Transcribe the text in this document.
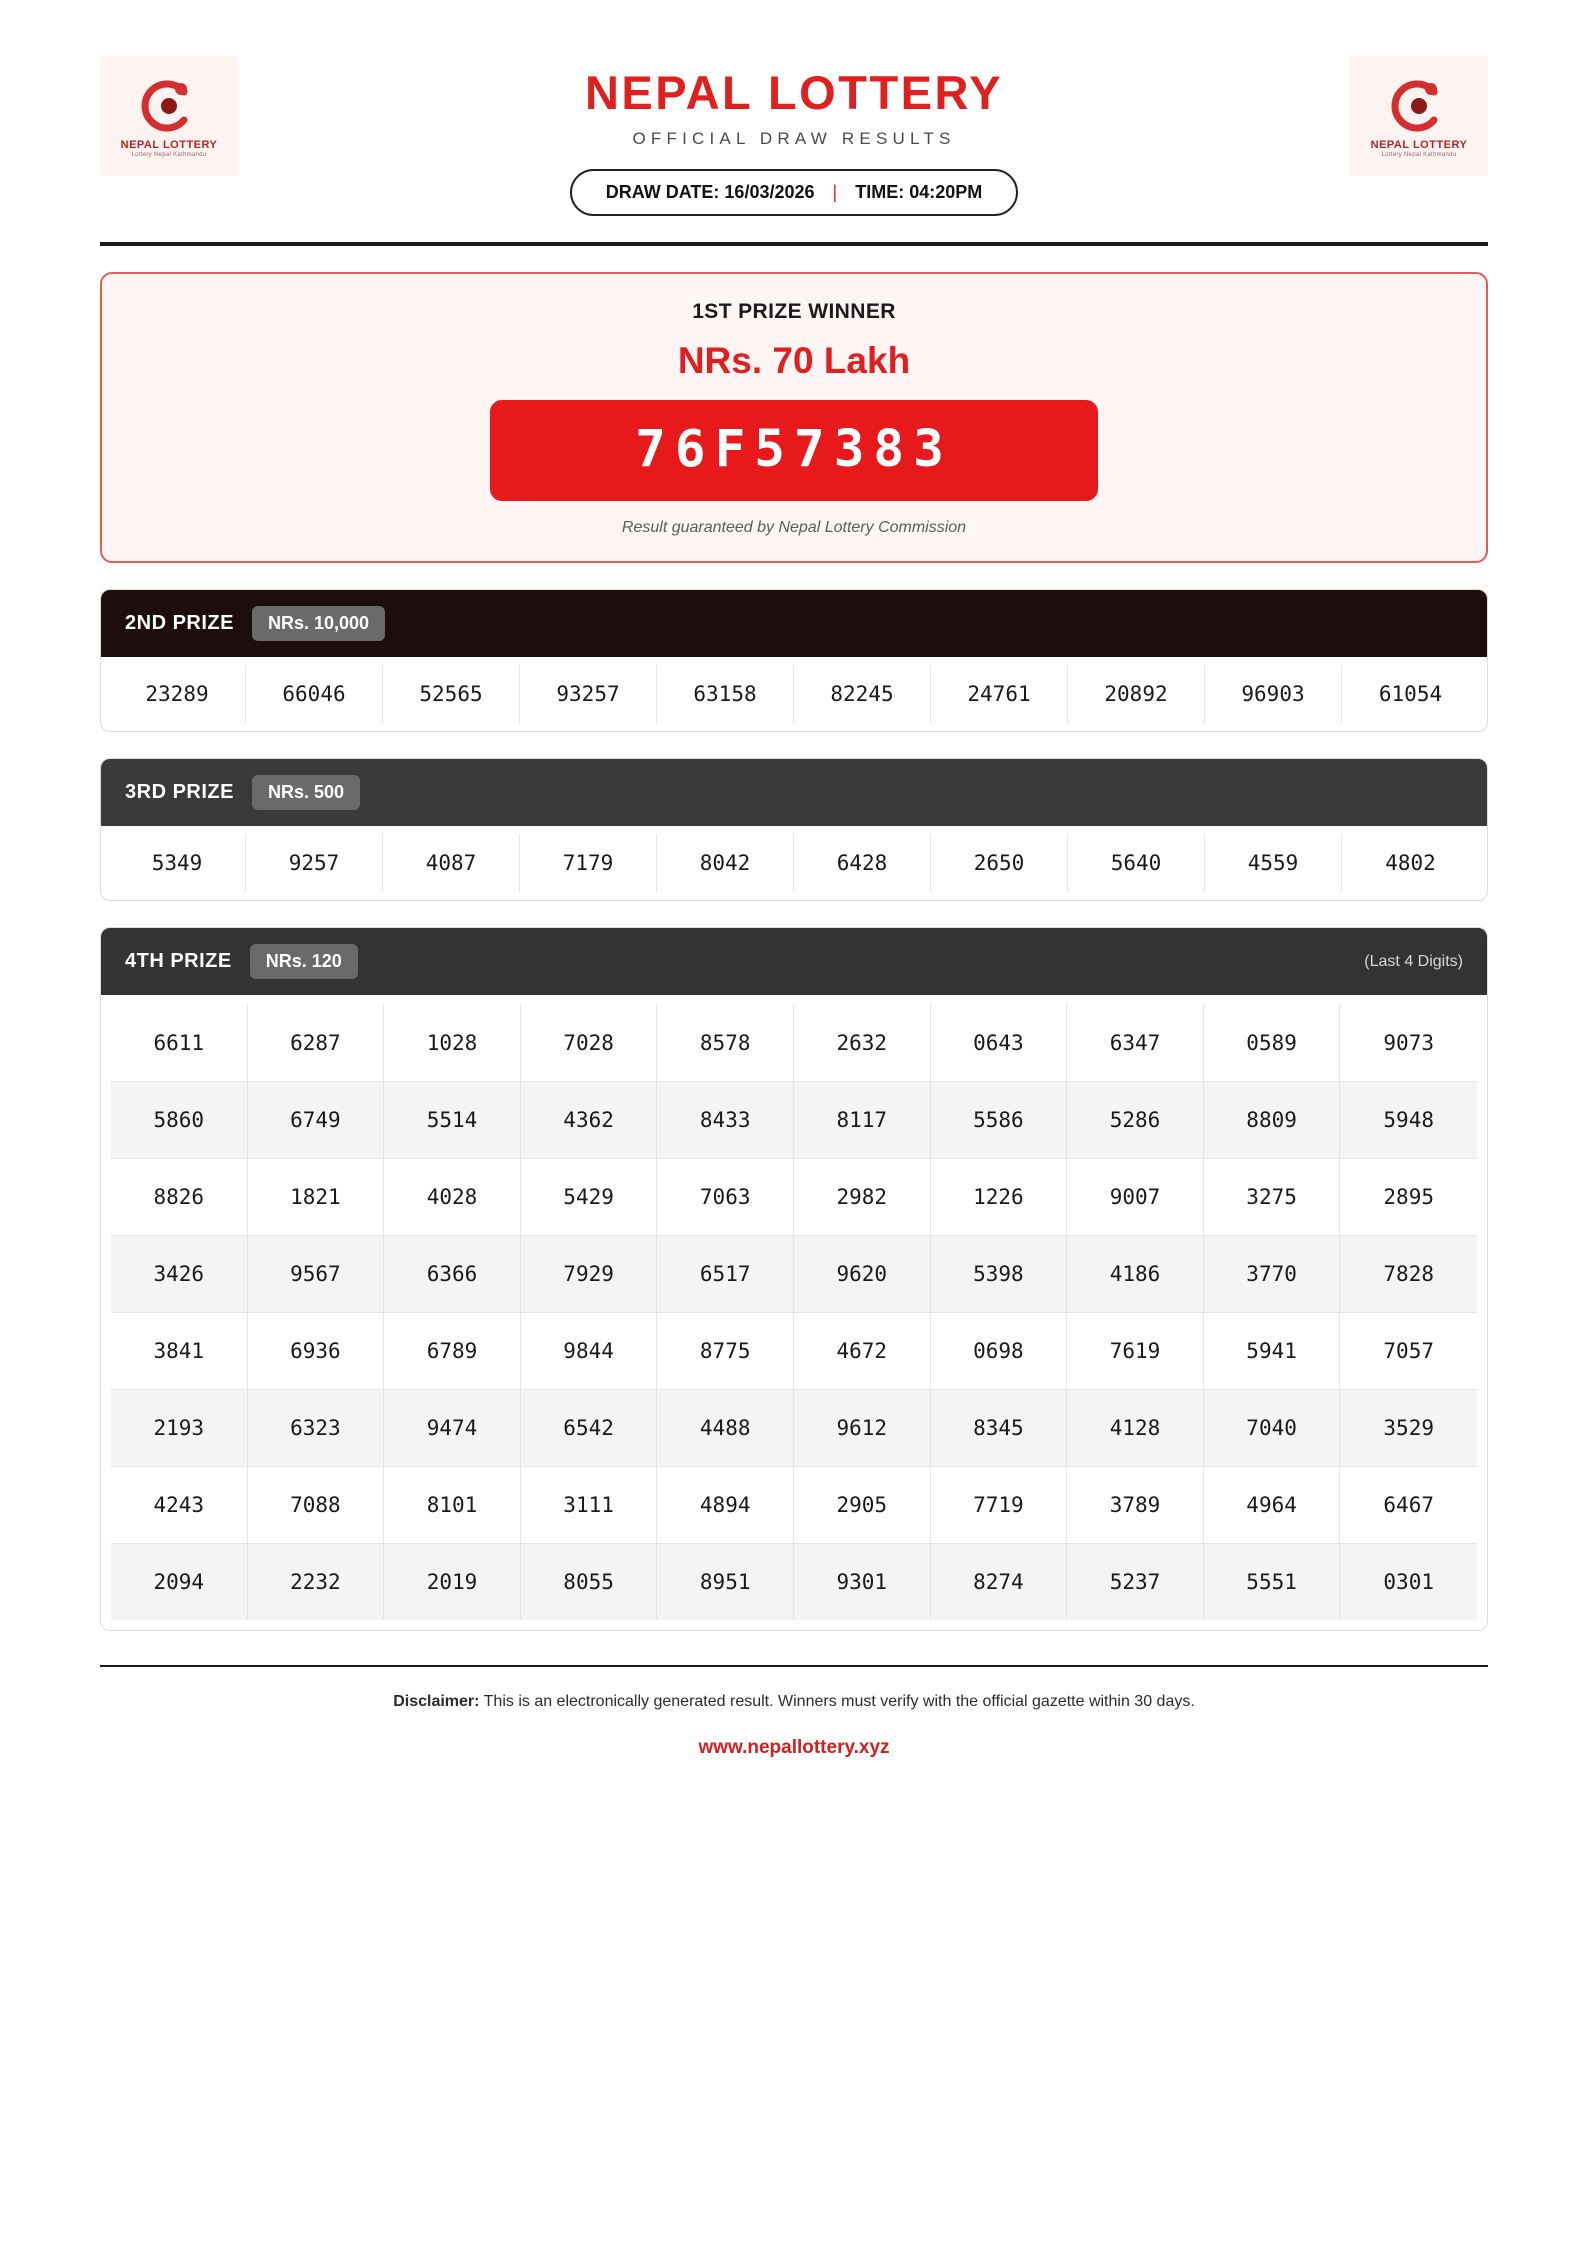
NEPAL LOTTERY
Lottery Nepal Kathmandu
NEPAL LOTTERY
OFFICIAL DRAW RESULTS
DRAW DATE: 16/03/2026 | TIME: 04:20PM
NEPAL LOTTERY
Lottery Nepal Kathmandu
1ST PRIZE WINNER
NRs. 70 Lakh
76F57383
Result guaranteed by Nepal Lottery Commission
2ND PRIZE	NRs. 10,000
23289	66046	52565	93257	63158	82245	24761	20892	96903	61054
3RD PRIZE	NRs. 500
5349	9257	4087	7179	8042	6428	2650	5640	4559	4802
4TH PRIZE	NRs. 120	(Last 4 Digits)
6611	6287	1028	7028	8578	2632	0643	6347	0589	9073
5860	6749	5514	4362	8433	8117	5586	5286	8809	5948
8826	1821	4028	5429	7063	2982	1226	9007	3275	2895
3426	9567	6366	7929	6517	9620	5398	4186	3770	7828
3841	6936	6789	9844	8775	4672	0698	7619	5941	7057
2193	6323	9474	6542	4488	9612	8345	4128	7040	3529
4243	7088	8101	3111	4894	2905	7719	3789	4964	6467
2094	2232	2019	8055	8951	9301	8274	5237	5551	0301
Disclaimer: This is an electronically generated result. Winners must verify with the official gazette within 30 days.
www.nepallottery.xyz
